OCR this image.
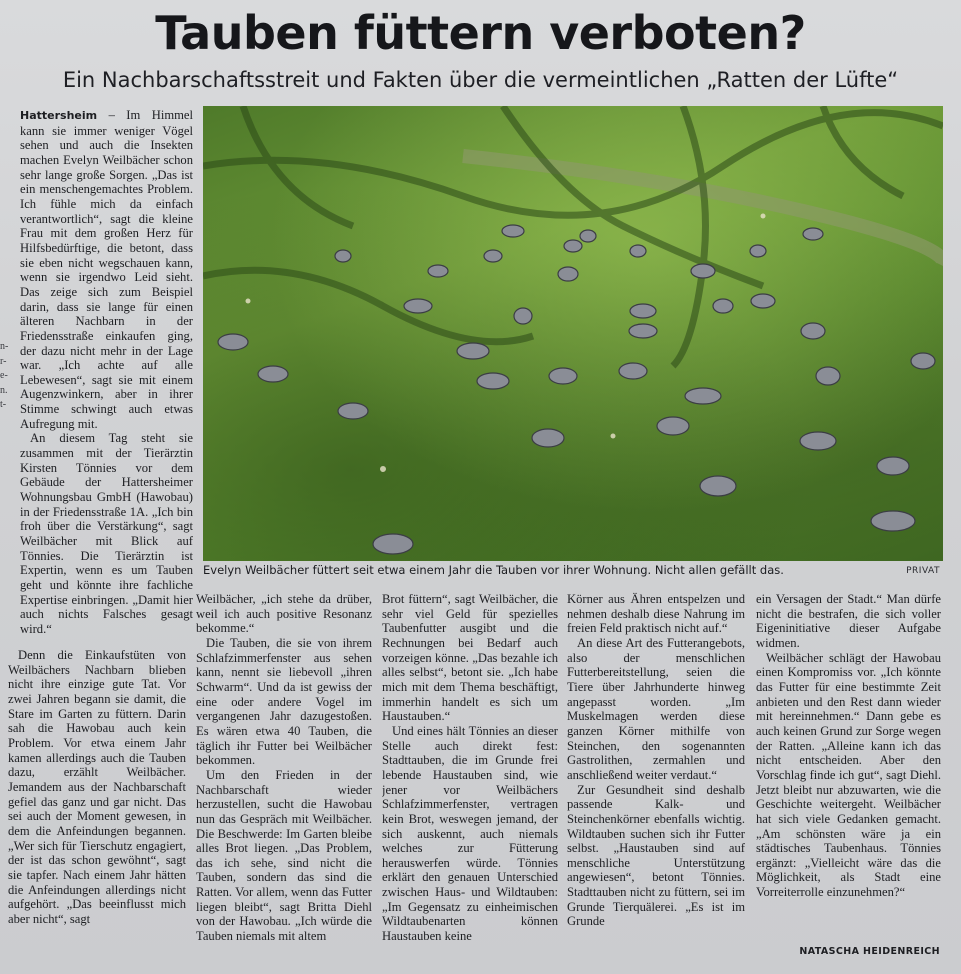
Tauben füttern verboten?
Ein Nachbarschaftsstreit und Fakten über die vermeintlichen „Ratten der Lüfte“
n-
r-
e-
n.
t-
Evelyn Weilbächer füttert seit etwa einem Jahr die Tauben vor ihrer Wohnung. Nicht allen gefällt das.	PRIVAT

Hattersheim – Im Himmel kann sie immer weniger Vögel sehen und auch die Insekten machen Evelyn Weilbächer schon sehr lange große Sorgen. „Das ist ein menschengemachtes Problem. Ich fühle mich da einfach verantwortlich“, sagt die kleine Frau mit dem großen Herz für Hilfsbedürftige, die betont, dass sie eben nicht wegschauen kann, wenn sie irgendwo Leid sieht. Das zeige sich zum Beispiel darin, dass sie lange für einen älteren Nachbarn in der Friedensstraße einkaufen ging, der dazu nicht mehr in der Lage war. „Ich achte auf alle Lebewesen“, sagt sie mit einem Augenzwinkern, aber in ihrer Stimme schwingt auch etwas Aufregung mit.

An diesem Tag steht sie zusammen mit der Tierärztin Kirsten Tönnies vor dem Gebäude der Hattersheimer Wohnungsbau GmbH (Hawobau) in der Friedensstraße 1A. „Ich bin froh über die Verstärkung“, sagt Weilbächer mit Blick auf Tönnies. Die Tierärztin ist Expertin, wenn es um Tauben geht und könnte ihre fachliche Expertise einbringen. „Damit hier auch nichts Falsches gesagt wird.“

Denn die Einkaufstüten von Weilbächers Nachbarn blieben nicht ihre einzige gute Tat. Vor zwei Jahren begann sie damit, die Stare im Garten zu füttern. Darin sah die Hawobau auch kein Problem. Vor etwa einem Jahr kamen allerdings auch die Tauben dazu, erzählt Weilbächer. Jemandem aus der Nachbarschaft gefiel das ganz und gar nicht. Das sei auch der Moment gewesen, in dem die Anfeindungen begannen. „Wer sich für Tierschutz engagiert, der ist das schon gewöhnt“, sagt sie tapfer. Nach einem Jahr hätten die Anfeindungen allerdings nicht aufgehört. „Das beeinflusst mich aber nicht“, sagt

Weilbächer, „ich stehe da drüber, weil ich auch positive Resonanz bekomme.“

Die Tauben, die sie von ihrem Schlafzimmerfenster aus sehen kann, nennt sie liebevoll „ihren Schwarm“. Und da ist gewiss der eine oder andere Vogel im vergangenen Jahr dazugestoßen. Es wären etwa 40 Tauben, die täglich ihr Futter bei Weilbächer bekommen.

Um den Frieden in der Nachbarschaft wieder herzustellen, sucht die Hawobau nun das Gespräch mit Weilbächer. Die Beschwerde: Im Garten bleibe alles Brot liegen. „Das Problem, das ich sehe, sind nicht die Tauben, sondern das sind die Ratten. Vor allem, wenn das Futter liegen bleibt“, sagt Britta Diehl von der Hawobau. „Ich würde die Tauben niemals mit altem

Brot füttern“, sagt Weilbächer, die sehr viel Geld für spezielles Taubenfutter ausgibt und die Rechnungen bei Bedarf auch vorzeigen könne. „Das bezahle ich alles selbst“, betont sie. „Ich habe mich mit dem Thema beschäftigt, immerhin handelt es sich um Haustauben.“

Und eines hält Tönnies an dieser Stelle auch direkt fest: Stadttauben, die im Grunde frei lebende Haustauben sind, wie jener vor Weilbächers Schlafzimmerfenster, vertragen kein Brot, weswegen jemand, der sich auskennt, auch niemals welches zur Fütterung herauswerfen würde. Tönnies erklärt den genauen Unterschied zwischen Haus- und Wildtauben: „Im Gegensatz zu einheimischen Wildtaubenarten können Haustauben keine

Körner aus Ähren entspelzen und nehmen deshalb diese Nahrung im freien Feld praktisch nicht auf.“

An diese Art des Futterangebots, also der menschlichen Futterbereitstellung, seien die Tiere über Jahrhunderte hinweg angepasst worden. „Im Muskelmagen werden diese ganzen Körner mithilfe von Steinchen, den sogenannten Gastrolithen, zermahlen und anschließend weiter verdaut.“

Zur Gesundheit sind deshalb passende Kalk- und Steinchenkörner ebenfalls wichtig. Wildtauben suchen sich ihr Futter selbst. „Haustauben sind auf menschliche Unterstützung angewiesen“, betont Tönnies. Stadttauben nicht zu füttern, sei im Grunde Tierquälerei. „Es ist im Grunde

ein Versagen der Stadt.“ Man dürfe nicht die bestrafen, die sich voller Eigeninitiative dieser Aufgabe widmen.

Weilbächer schlägt der Hawobau einen Kompromiss vor. „Ich könnte das Futter für eine bestimmte Zeit anbieten und den Rest dann wieder mit hereinnehmen.“ Dann gebe es auch keinen Grund zur Sorge wegen der Ratten. „Alleine kann ich das nicht entscheiden. Aber den Vorschlag finde ich gut“, sagt Diehl. Jetzt bleibt nur abzuwarten, wie die Geschichte weitergeht. Weilbächer hat sich viele Gedanken gemacht. „Am schönsten wäre ja ein städtisches Taubenhaus. Tönnies ergänzt: „Vielleicht wäre das die Möglichkeit, als Stadt eine Vorreiterrolle einzunehmen?“

NATASCHA HEIDENREICH
